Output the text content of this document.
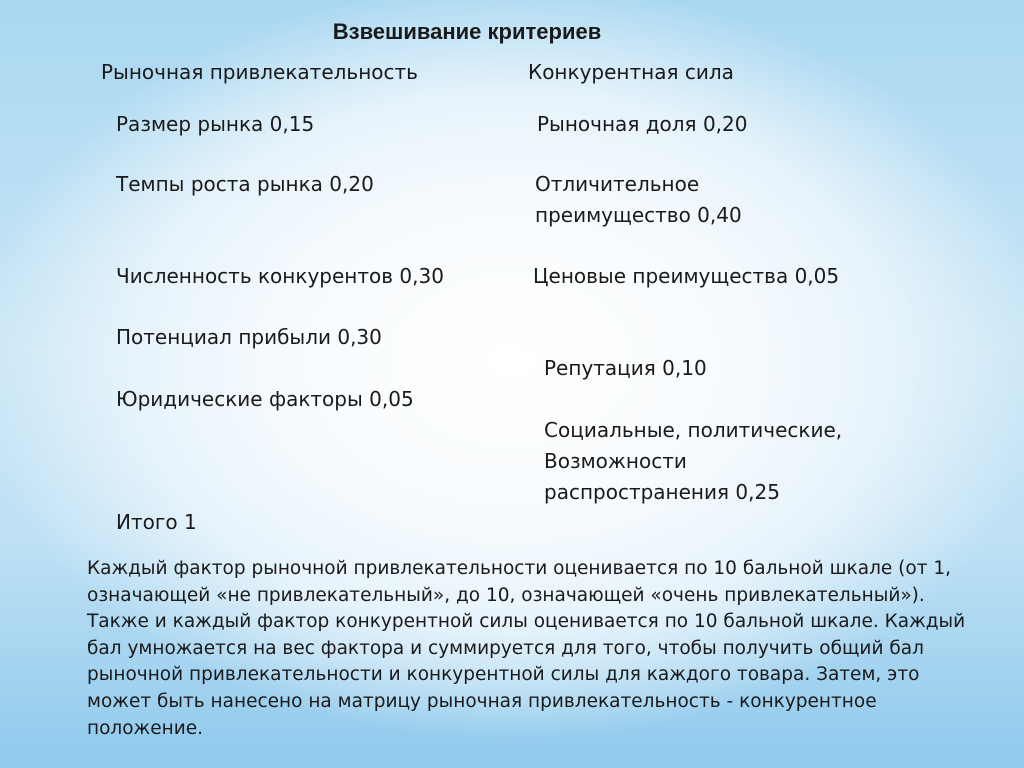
Взвешивание критериев
Рыночная привлекательность	Конкурентная сила
Размер рынка 0,15
Темпы роста рынка 0,20
Численность конкурентов 0,30
Потенциал прибыли 0,30
Юридические факторы 0,05
Итого 1
Рыночная доля 0,20
Отличительное
преимущество 0,40
Ценовые преимущества 0,05
Репутация 0,10
Социальные, политические,
Возможности
распространения 0,25

Каждый фактор рыночной привлекательности оценивается по 10 бальной шкале (от 1, означающей «не привлекательный», до 10, означающей «очень привлекательный»). Также и каждый фактор конкурентной силы оценивается по 10 бальной шкале. Каждый бал умножается на вес фактора и суммируется для того, чтобы получить общий бал рыночной привлекательности и конкурентной силы для каждого товара. Затем, это может быть нанесено на матрицу рыночная привлекательность - конкурентное положение.
